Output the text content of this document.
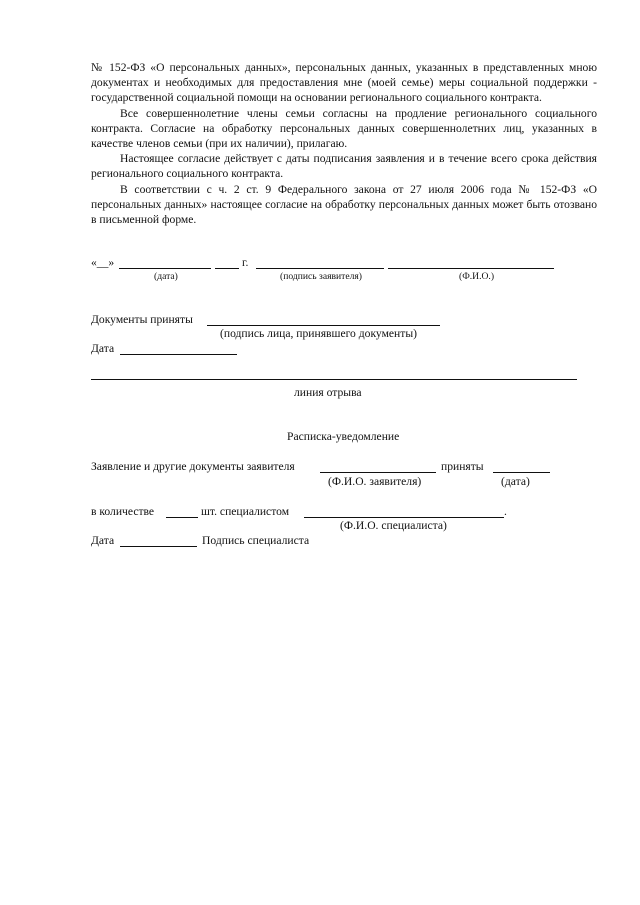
№ 152-ФЗ «О персональных данных», персональных данных, указанных в представленных мною документах и необходимых для предоставления мне (моей семье) меры социальной поддержки - государственной социальной помощи на основании регионального социального контракта.

Все совершеннолетние члены семьи согласны на продление регионального социального контракта. Согласие на обработку персональных данных совершеннолетних лиц, указанных в качестве членов семьи (при их наличии), прилагаю.

Настоящее согласие действует с даты подписания заявления и в течение всего срока действия регионального социального контракта.

В соответствии с ч. 2 ст. 9 Федерального закона от 27 июля 2006 года № 152-ФЗ «О персональных данных» настоящее согласие на обработку персональных данных может быть отозвано в письменной форме.

«__»	г.
(дата)	(подпись заявителя)	(Ф.И.О.)
Документы приняты
(подпись лица, принявшего документы)
Дата
линия отрыва
Расписка-уведомление
Заявление и другие документы заявителя	приняты
(Ф.И.О. заявителя)	(дата)
в количестве	шт. специалистом	.
(Ф.И.О. специалиста)
Дата	Подпись специалиста
